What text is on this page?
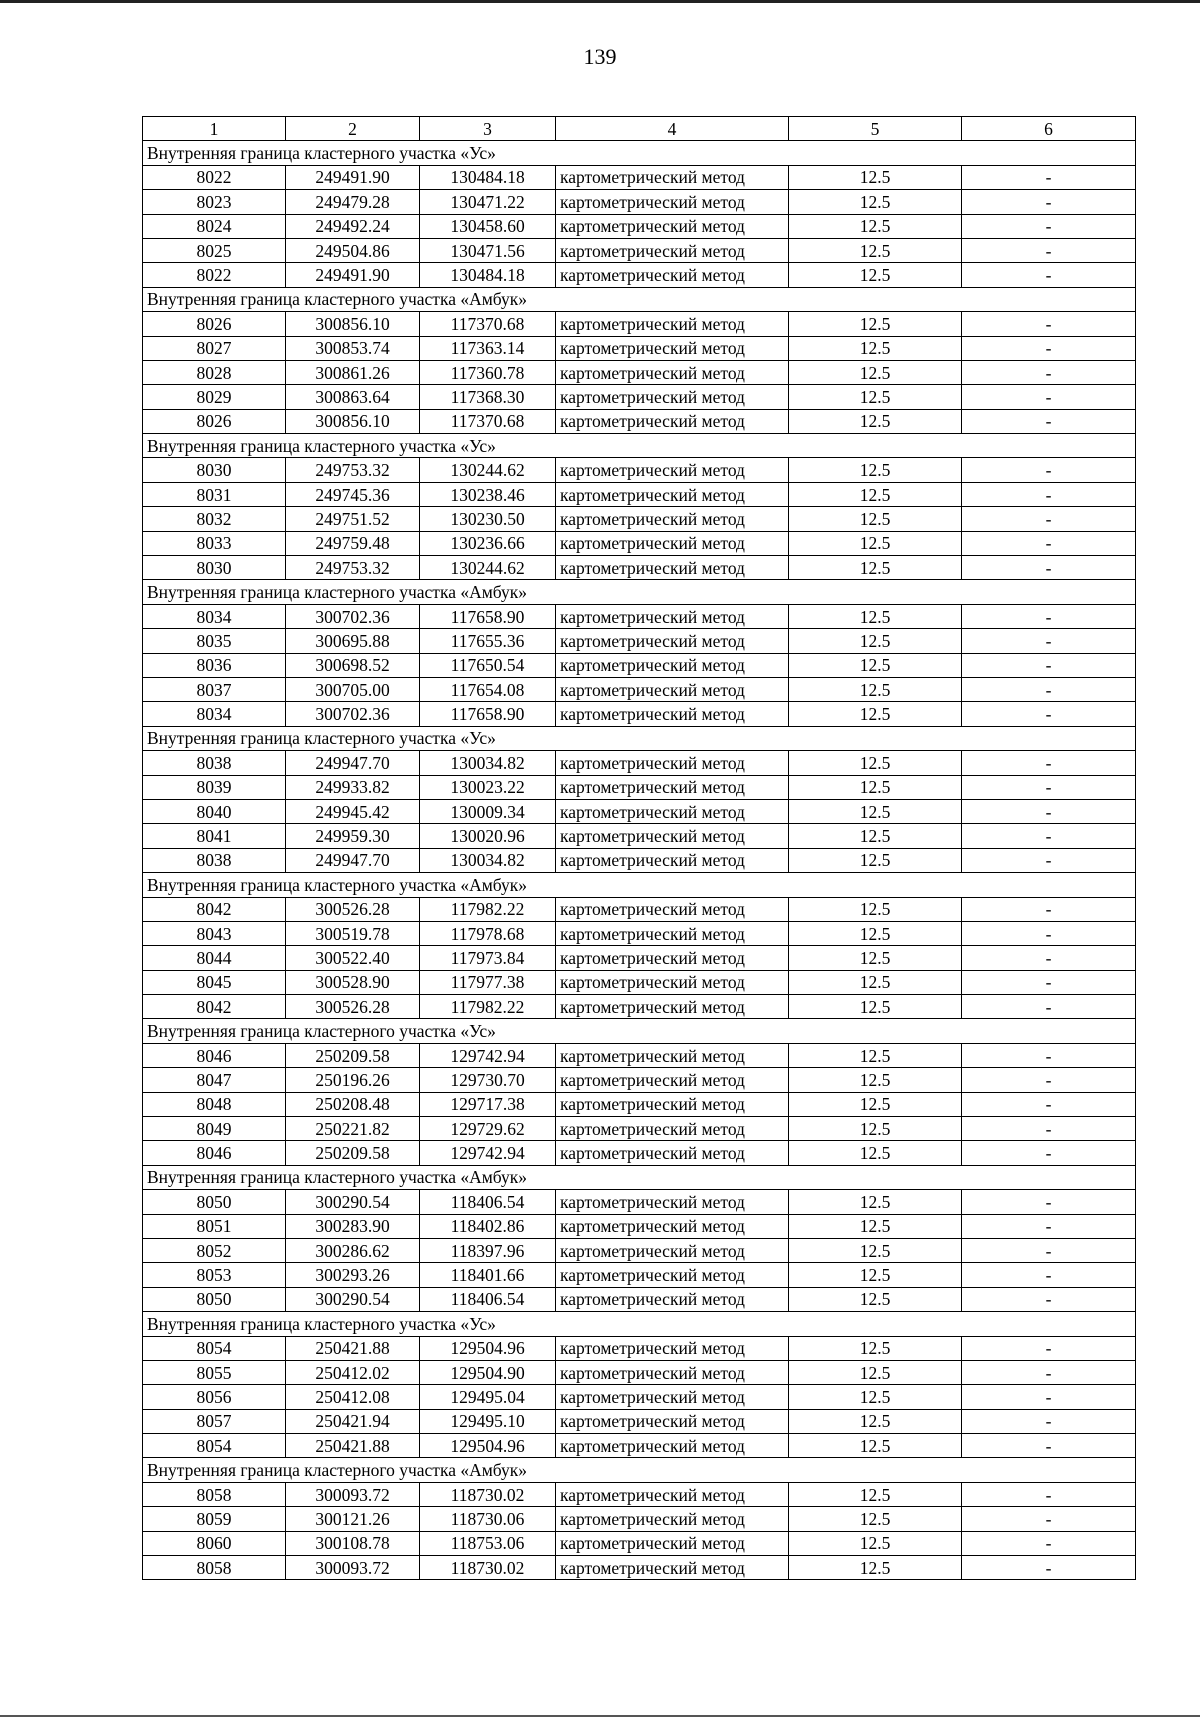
139
1	2	3	4	5	6
Внутренняя граница кластерного участка «Ус»					
8022	249491.90	130484.18	картометрический метод	12.5	-
8023	249479.28	130471.22	картометрический метод	12.5	-
8024	249492.24	130458.60	картометрический метод	12.5	-
8025	249504.86	130471.56	картометрический метод	12.5	-
8022	249491.90	130484.18	картометрический метод	12.5	-
Внутренняя граница кластерного участка «Амбук»					
8026	300856.10	117370.68	картометрический метод	12.5	-
8027	300853.74	117363.14	картометрический метод	12.5	-
8028	300861.26	117360.78	картометрический метод	12.5	-
8029	300863.64	117368.30	картометрический метод	12.5	-
8026	300856.10	117370.68	картометрический метод	12.5	-
Внутренняя граница кластерного участка «Ус»					
8030	249753.32	130244.62	картометрический метод	12.5	-
8031	249745.36	130238.46	картометрический метод	12.5	-
8032	249751.52	130230.50	картометрический метод	12.5	-
8033	249759.48	130236.66	картометрический метод	12.5	-
8030	249753.32	130244.62	картометрический метод	12.5	-
Внутренняя граница кластерного участка «Амбук»					
8034	300702.36	117658.90	картометрический метод	12.5	-
8035	300695.88	117655.36	картометрический метод	12.5	-
8036	300698.52	117650.54	картометрический метод	12.5	-
8037	300705.00	117654.08	картометрический метод	12.5	-
8034	300702.36	117658.90	картометрический метод	12.5	-
Внутренняя граница кластерного участка «Ус»					
8038	249947.70	130034.82	картометрический метод	12.5	-
8039	249933.82	130023.22	картометрический метод	12.5	-
8040	249945.42	130009.34	картометрический метод	12.5	-
8041	249959.30	130020.96	картометрический метод	12.5	-
8038	249947.70	130034.82	картометрический метод	12.5	-
Внутренняя граница кластерного участка «Амбук»					
8042	300526.28	117982.22	картометрический метод	12.5	-
8043	300519.78	117978.68	картометрический метод	12.5	-
8044	300522.40	117973.84	картометрический метод	12.5	-
8045	300528.90	117977.38	картометрический метод	12.5	-
8042	300526.28	117982.22	картометрический метод	12.5	-
Внутренняя граница кластерного участка «Ус»					
8046	250209.58	129742.94	картометрический метод	12.5	-
8047	250196.26	129730.70	картометрический метод	12.5	-
8048	250208.48	129717.38	картометрический метод	12.5	-
8049	250221.82	129729.62	картометрический метод	12.5	-
8046	250209.58	129742.94	картометрический метод	12.5	-
Внутренняя граница кластерного участка «Амбук»					
8050	300290.54	118406.54	картометрический метод	12.5	-
8051	300283.90	118402.86	картометрический метод	12.5	-
8052	300286.62	118397.96	картометрический метод	12.5	-
8053	300293.26	118401.66	картометрический метод	12.5	-
8050	300290.54	118406.54	картометрический метод	12.5	-
Внутренняя граница кластерного участка «Ус»					
8054	250421.88	129504.96	картометрический метод	12.5	-
8055	250412.02	129504.90	картометрический метод	12.5	-
8056	250412.08	129495.04	картометрический метод	12.5	-
8057	250421.94	129495.10	картометрический метод	12.5	-
8054	250421.88	129504.96	картометрический метод	12.5	-
Внутренняя граница кластерного участка «Амбук»					
8058	300093.72	118730.02	картометрический метод	12.5	-
8059	300121.26	118730.06	картометрический метод	12.5	-
8060	300108.78	118753.06	картометрический метод	12.5	-
8058	300093.72	118730.02	картометрический метод	12.5	-
